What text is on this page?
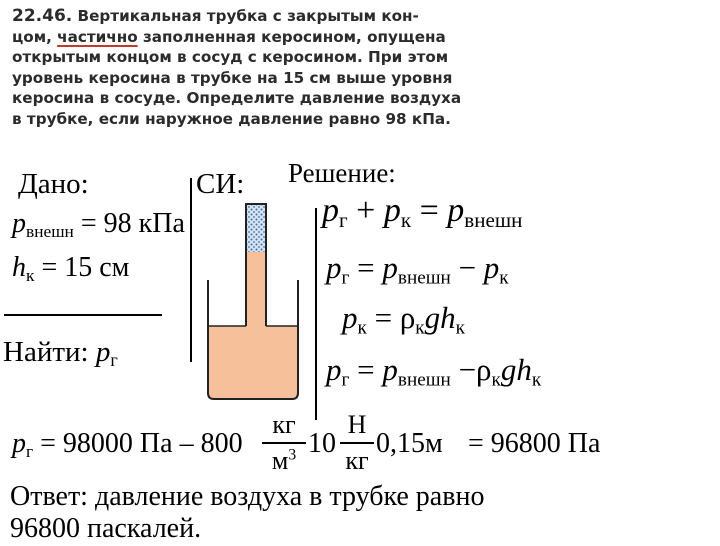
22.46. Вертикальная трубка с закрытым кон-
цом, частично заполненная керосином, опущена
открытым концом в сосуд с керосином. При этом
уровень керосина в трубке на 15 см выше уровня
керосина в сосуде. Определите давление воздуха
в трубке, если наружное давление равно 98 кПа.
Дано:	СИ: Решение:
$p_{внешн} = 98$ кПа
$h_к = 15$ см
Найти: $p_г$
$p_г + p_к = p_{внешн}$
$p_г = p_{внешн} - p_к$
$p_к = \rho_кgh_к$
$p_г = p_{внешн} -\rho_кgh_к$
$p_г = 98000$ Па – 800
кг
$м^3$ 10
Н
кг
0,15м = 96800 Па
Ответ: давление воздуха в трубке равно
96800 паскалей.
